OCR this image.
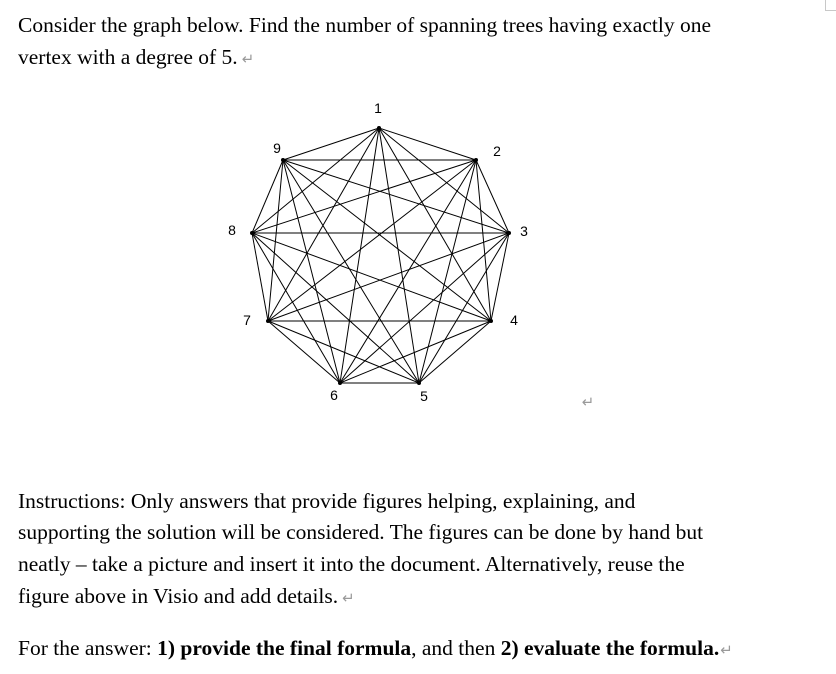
Consider the graph below. Find the number of spanning trees having exactly one

vertex with a degree of 5. ↵

1
2
3
4
5
6
7
8
9
↵

Instructions: Only answers that provide figures helping, explaining, and

supporting the solution will be considered. The figures can be done by hand but

neatly – take a picture and insert it into the document. Alternatively, reuse the

figure above in Visio and add details. ↵

For the answer: 1) provide the final formula, and then 2) evaluate the formula.↵
